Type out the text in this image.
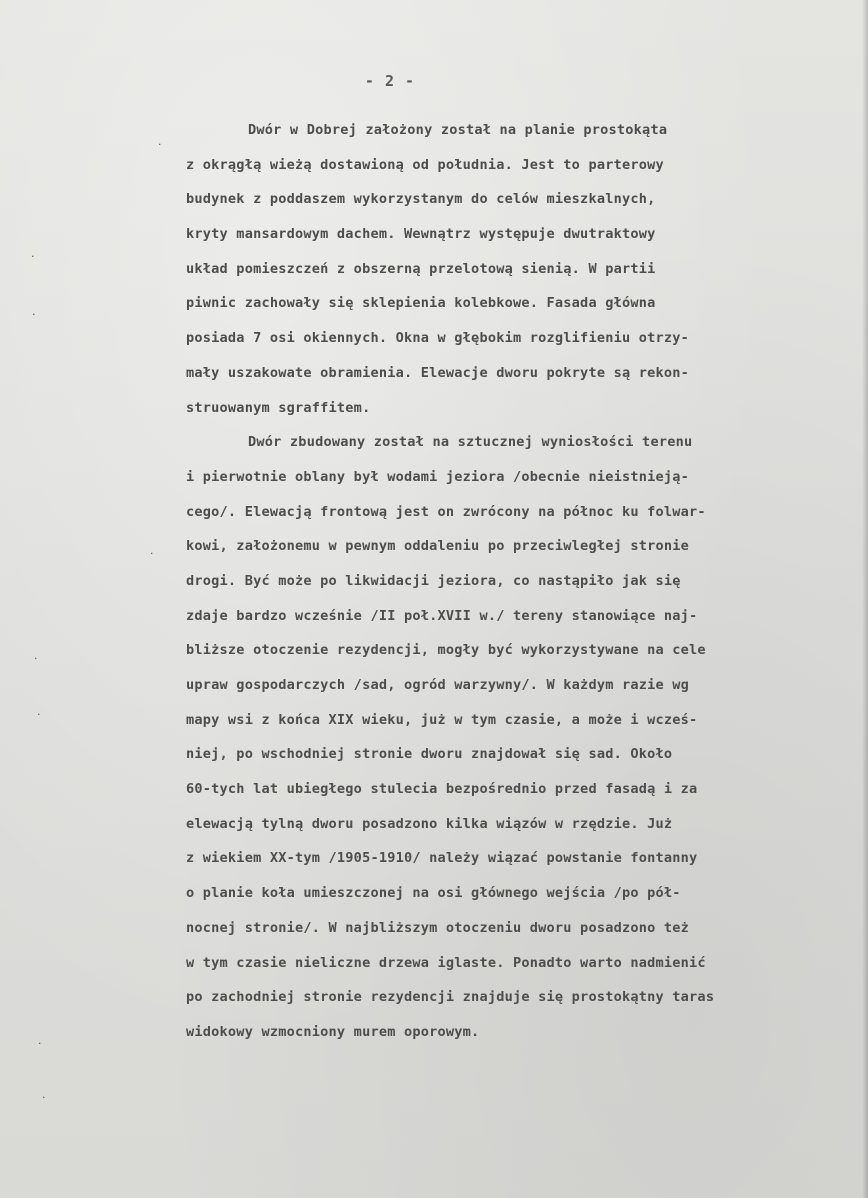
- 2 -
Dwór w Dobrej założony został na planie prostokąta
z okrągłą wieżą dostawioną od południa. Jest to parterowy
budynek z poddaszem wykorzystanym do celów mieszkalnych,
kryty mansardowym dachem. Wewnątrz występuje dwutraktowy
układ pomieszczeń z obszerną przelotową sienią. W partii
piwnic zachowały się sklepienia kolebkowe. Fasada główna
posiada 7 osi okiennych. Okna w głębokim rozglifieniu otrzy-
mały uszakowate obramienia. Elewacje dworu pokryte są rekon-
struowanym sgraffitem.
Dwór zbudowany został na sztucznej wyniosłości terenu
i pierwotnie oblany był wodami jeziora /obecnie nieistnieją-
cego/. Elewacją frontową jest on zwrócony na północ ku folwar-
kowi, założonemu w pewnym oddaleniu po przeciwległej stronie
drogi. Być może po likwidacji jeziora, co nastąpiło jak się
zdaje bardzo wcześnie /II poł.XVII w./ tereny stanowiące naj-
bliższe otoczenie rezydencji, mogły być wykorzystywane na cele
upraw gospodarczych /sad, ogród warzywny/. W każdym razie wg
mapy wsi z końca XIX wieku, już w tym czasie, a może i wcześ-
niej, po wschodniej stronie dworu znajdował się sad. Około
60-tych lat ubiegłego stulecia bezpośrednio przed fasadą i za
elewacją tylną dworu posadzono kilka wiązów w rzędzie. Już
z wiekiem XX-tym /1905-1910/ należy wiązać powstanie fontanny
o planie koła umieszczonej na osi głównego wejścia /po pół-
nocnej stronie/. W najbliższym otoczeniu dworu posadzono też
w tym czasie nieliczne drzewa iglaste. Ponadto warto nadmienić
po zachodniej stronie rezydencji znajduje się prostokątny taras
widokowy wzmocniony murem oporowym.
·
·
·
·
·
·
·
·
